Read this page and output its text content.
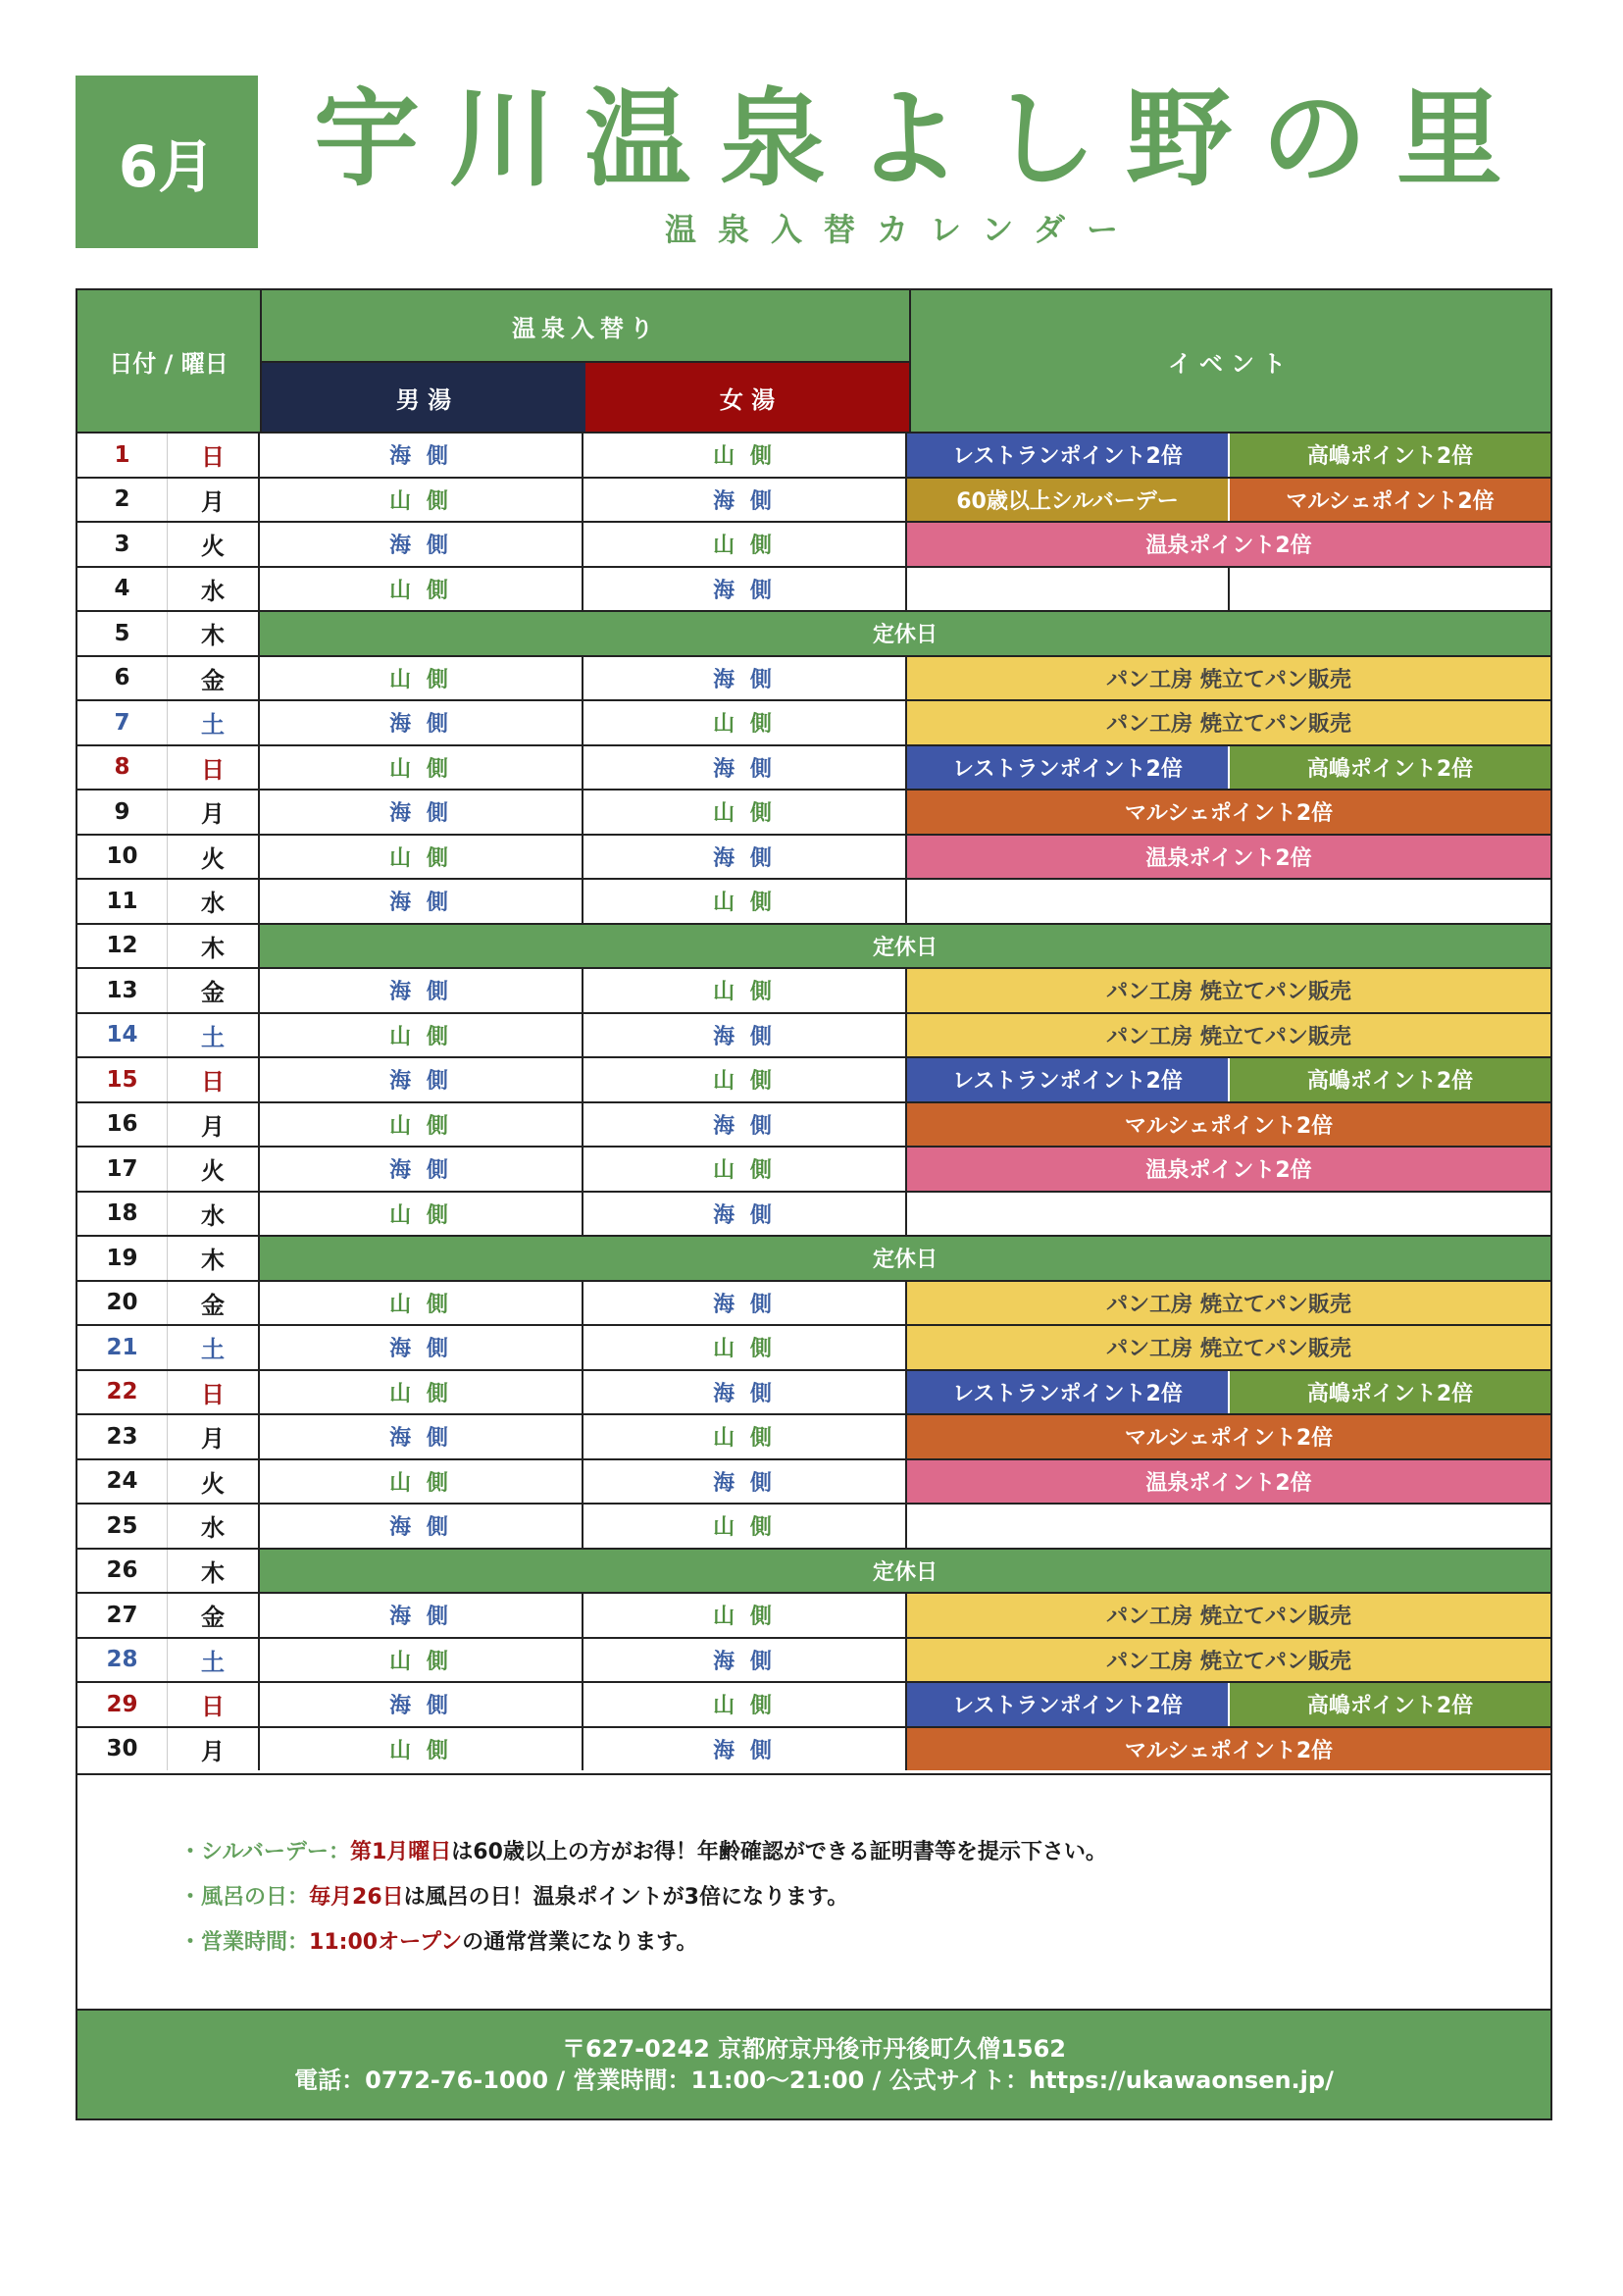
6月 宇川温泉よし野の里
温泉入替カレンダー
日付 / 曜日
温泉入替り
男 湯	女 湯
イベント
1	日	海 側	山 側	レストランポイント2倍	高嶋ポイント2倍
2	月	山 側	海 側	60歳以上シルバーデー	マルシェポイント2倍
3	火	海 側	山 側	温泉ポイント2倍
4	水	山 側	海 側
5	木	定休日
6	金	山 側	海 側	パン工房 焼立てパン販売
7	土	海 側	山 側	パン工房 焼立てパン販売
8	日	山 側	海 側	レストランポイント2倍	高嶋ポイント2倍
9	月	海 側	山 側	マルシェポイント2倍
10	火	山 側	海 側	温泉ポイント2倍
11	水	海 側	山 側
12	木	定休日
13	金	海 側	山 側	パン工房 焼立てパン販売
14	土	山 側	海 側	パン工房 焼立てパン販売
15	日	海 側	山 側	レストランポイント2倍	高嶋ポイント2倍
16	月	山 側	海 側	マルシェポイント2倍
17	火	海 側	山 側	温泉ポイント2倍
18	水	山 側	海 側
19	木	定休日
20	金	山 側	海 側	パン工房 焼立てパン販売
21	土	海 側	山 側	パン工房 焼立てパン販売
22	日	山 側	海 側	レストランポイント2倍	高嶋ポイント2倍
23	月	海 側	山 側	マルシェポイント2倍
24	火	山 側	海 側	温泉ポイント2倍
25	水	海 側	山 側
26	木	定休日
27	金	海 側	山 側	パン工房 焼立てパン販売
28	土	山 側	海 側	パン工房 焼立てパン販売
29	日	海 側	山 側	レストランポイント2倍	高嶋ポイント2倍
30	月	山 側	海 側	マルシェポイント2倍
・シルバーデー：第1月曜日は60歳以上の方がお得！年齢確認ができる証明書等を提示下さい。
・風呂の日：毎月26日は風呂の日！温泉ポイントが3倍になります。
・営業時間：11:00オープンの通常営業になります。
〒627-0242 京都府京丹後市丹後町久僧1562
電話：0772-76-1000 / 営業時間：11:00〜21:00 / 公式サイト：https://ukawaonsen.jp/
